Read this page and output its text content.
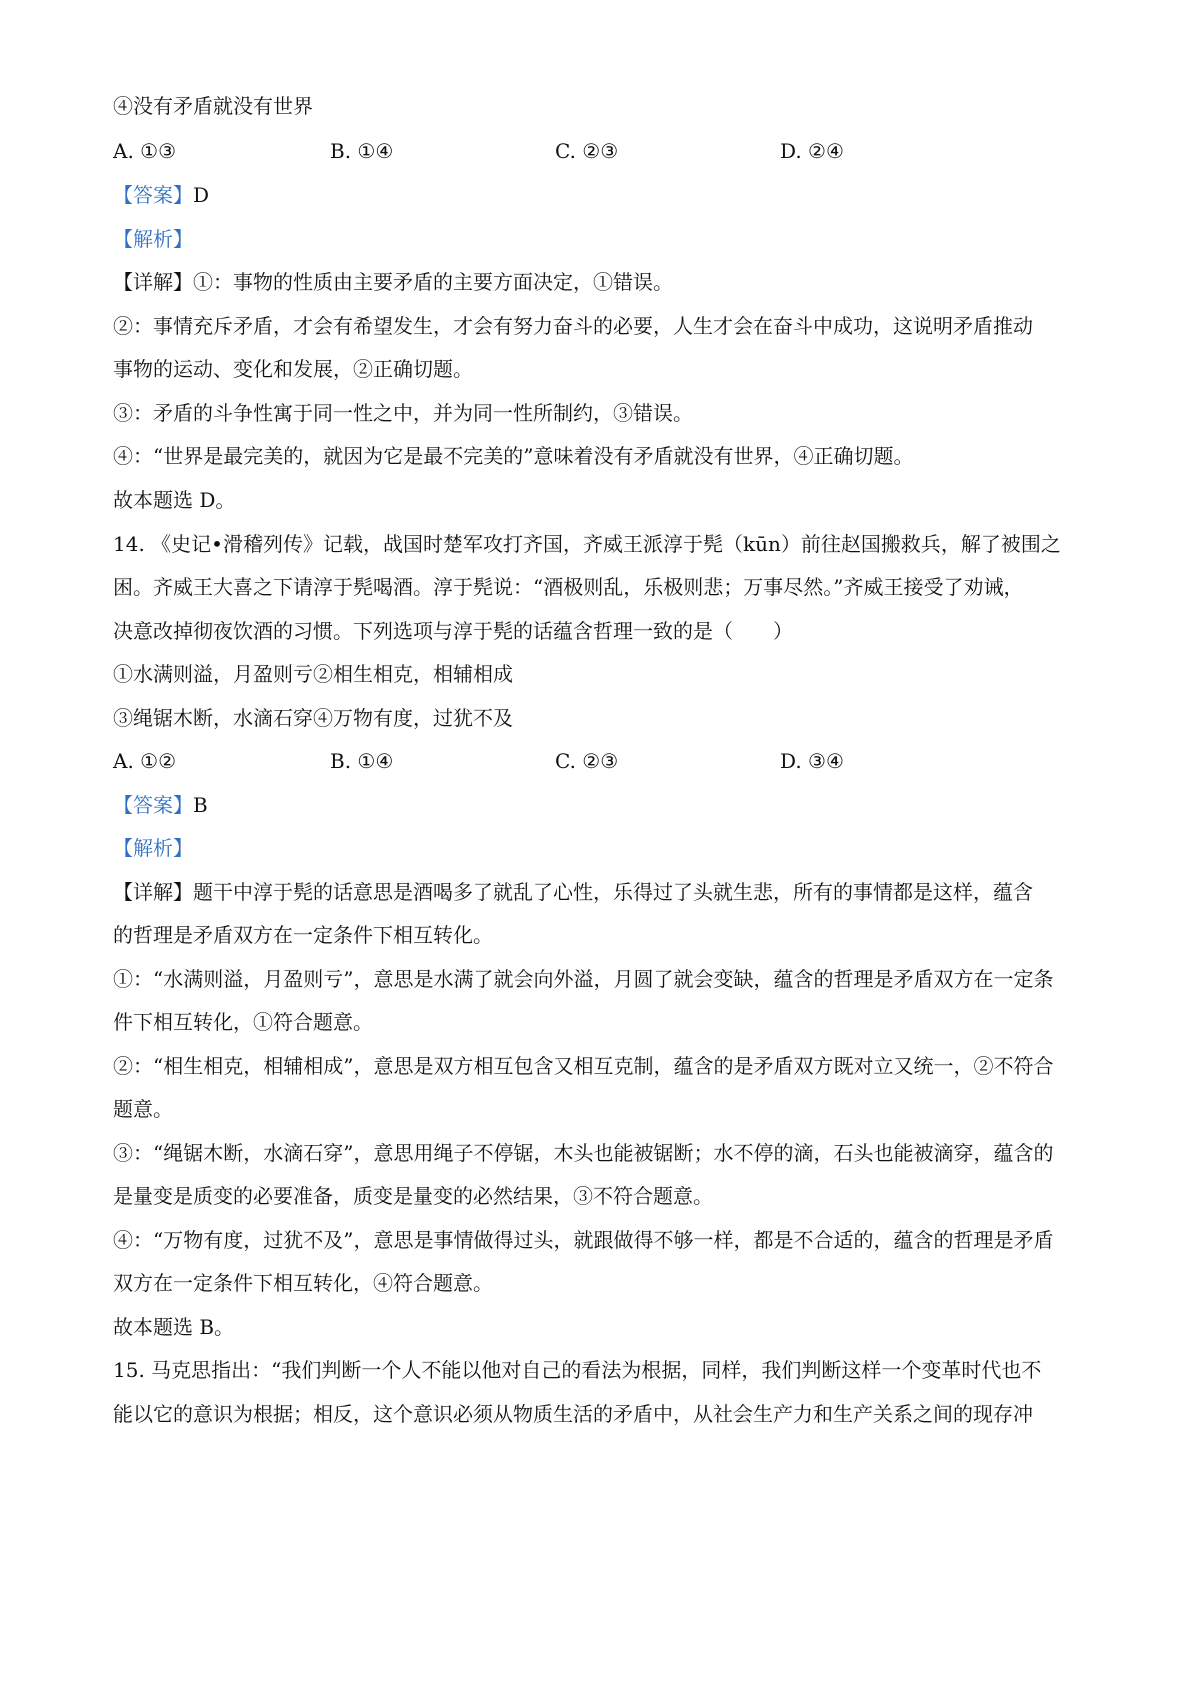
④没有矛盾就没有世界
A. ①③	B. ①④	C. ②③	D. ②④
【答案】D
【解析】
【详解】①：事物的性质由主要矛盾的主要方面决定，①错误。
②：事情充斥矛盾，才会有希望发生，才会有努力奋斗的必要，人生才会在奋斗中成功，这说明矛盾推动
事物的运动、变化和发展，②正确切题。
③：矛盾的斗争性寓于同一性之中，并为同一性所制约，③错误。
④：“世界是最完美的，就因为它是最不完美的”意味着没有矛盾就没有世界，④正确切题。
故本题选 D。
14. 《史记•滑稽列传》记载，战国时楚军攻打齐国，齐威王派淳于髡（kūn）前往赵国搬救兵，解了被围之
困。齐威王大喜之下请淳于髡喝酒。淳于髡说：“酒极则乱，乐极则悲；万事尽然。”齐威王接受了劝诫，
决意改掉彻夜饮酒的习惯。下列选项与淳于髡的话蕴含哲理一致的是（　　）
①水满则溢，月盈则亏②相生相克，相辅相成
③绳锯木断，水滴石穿④万物有度，过犹不及
A. ①②	B. ①④	C. ②③	D. ③④
【答案】B
【解析】
【详解】题干中淳于髡的话意思是酒喝多了就乱了心性，乐得过了头就生悲，所有的事情都是这样，蕴含
的哲理是矛盾双方在一定条件下相互转化。
①：“水满则溢，月盈则亏”，意思是水满了就会向外溢，月圆了就会变缺，蕴含的哲理是矛盾双方在一定条
件下相互转化，①符合题意。
②：“相生相克，相辅相成”，意思是双方相互包含又相互克制，蕴含的是矛盾双方既对立又统一，②不符合
题意。
③：“绳锯木断，水滴石穿”，意思用绳子不停锯，木头也能被锯断；水不停的滴，石头也能被滴穿，蕴含的
是量变是质变的必要准备，质变是量变的必然结果，③不符合题意。
④：“万物有度，过犹不及”，意思是事情做得过头，就跟做得不够一样，都是不合适的，蕴含的哲理是矛盾
双方在一定条件下相互转化，④符合题意。
故本题选 B。
15. 马克思指出：“我们判断一个人不能以他对自己的看法为根据，同样，我们判断这样一个变革时代也不
能以它的意识为根据；相反，这个意识必须从物质生活的矛盾中，从社会生产力和生产关系之间的现存冲
